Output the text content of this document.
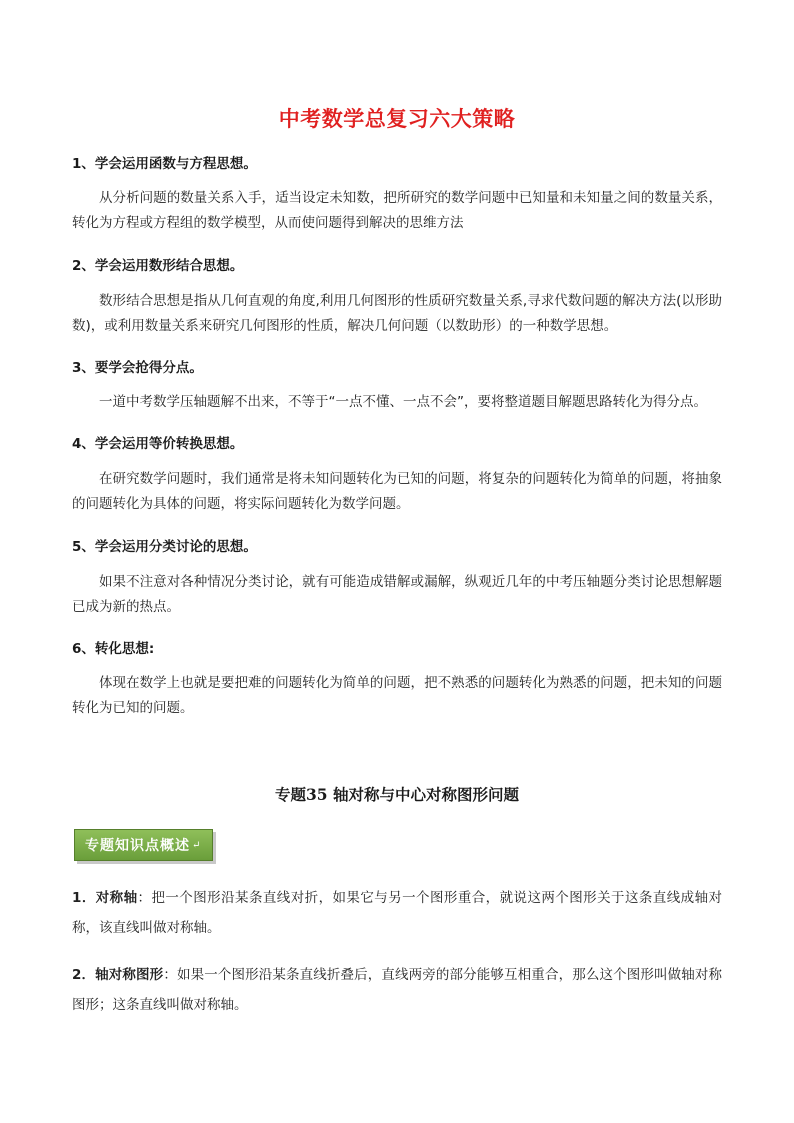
中考数学总复习六大策略
1、学会运用函数与方程思想。
从分析问题的数量关系入手，适当设定未知数，把所研究的数学问题中已知量和未知量之间的数量关系，转化为方程或方程组的数学模型，从而使问题得到解决的思维方法
2、学会运用数形结合思想。
数形结合思想是指从几何直观的角度,利用几何图形的性质研究数量关系,寻求代数问题的解决方法(以形助数)，或利用数量关系来研究几何图形的性质，解决几何问题（以数助形）的一种数学思想。
3、要学会抢得分点。
一道中考数学压轴题解不出来，不等于“一点不懂、一点不会”，要将整道题目解题思路转化为得分点。
4、学会运用等价转换思想。
在研究数学问题时，我们通常是将未知问题转化为已知的问题，将复杂的问题转化为简单的问题，将抽象的问题转化为具体的问题，将实际问题转化为数学问题。
5、学会运用分类讨论的思想。
如果不注意对各种情况分类讨论，就有可能造成错解或漏解，纵观近几年的中考压轴题分类讨论思想解题已成为新的热点。
6、转化思想:
体现在数学上也就是要把难的问题转化为简单的问题，把不熟悉的问题转化为熟悉的问题，把未知的问题转化为已知的问题。
专题35 轴对称与中心对称图形问题
专题知识点概述 ↵
1．对称轴：把一个图形沿某条直线对折，如果它与另一个图形重合，就说这两个图形关于这条直线成轴对称，该直线叫做对称轴。
2．轴对称图形：如果一个图形沿某条直线折叠后，直线两旁的部分能够互相重合，那么这个图形叫做轴对称图形；这条直线叫做对称轴。
